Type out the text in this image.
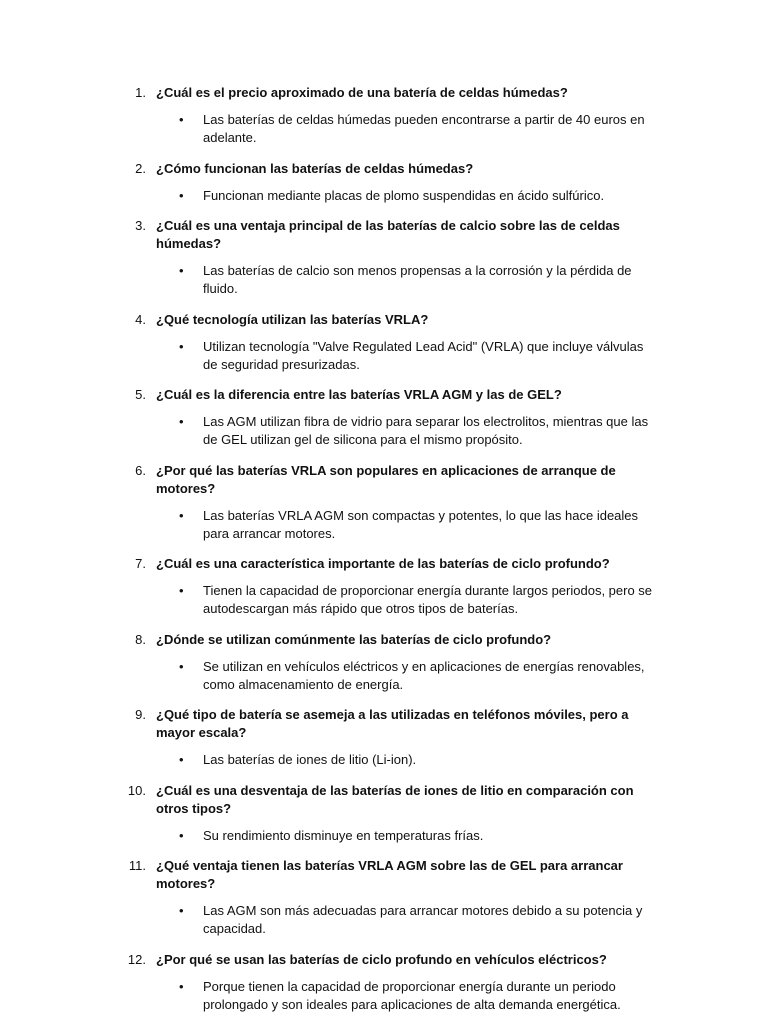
1. ¿Cuál es el precio aproximado de una batería de celdas húmedas?
• Las baterías de celdas húmedas pueden encontrarse a partir de 40 euros en adelante.
2. ¿Cómo funcionan las baterías de celdas húmedas?
• Funcionan mediante placas de plomo suspendidas en ácido sulfúrico.
3. ¿Cuál es una ventaja principal de las baterías de calcio sobre las de celdas húmedas?
• Las baterías de calcio son menos propensas a la corrosión y la pérdida de fluido.
4. ¿Qué tecnología utilizan las baterías VRLA?
• Utilizan tecnología "Valve Regulated Lead Acid" (VRLA) que incluye válvulas de seguridad presurizadas.
5. ¿Cuál es la diferencia entre las baterías VRLA AGM y las de GEL?
• Las AGM utilizan fibra de vidrio para separar los electrolitos, mientras que las de GEL utilizan gel de silicona para el mismo propósito.
6. ¿Por qué las baterías VRLA son populares en aplicaciones de arranque de motores?
• Las baterías VRLA AGM son compactas y potentes, lo que las hace ideales para arrancar motores.
7. ¿Cuál es una característica importante de las baterías de ciclo profundo?
• Tienen la capacidad de proporcionar energía durante largos periodos, pero se autodescargan más rápido que otros tipos de baterías.
8. ¿Dónde se utilizan comúnmente las baterías de ciclo profundo?
• Se utilizan en vehículos eléctricos y en aplicaciones de energías renovables, como almacenamiento de energía.
9. ¿Qué tipo de batería se asemeja a las utilizadas en teléfonos móviles, pero a mayor escala?
• Las baterías de iones de litio (Li-ion).
10. ¿Cuál es una desventaja de las baterías de iones de litio en comparación con otros tipos?
• Su rendimiento disminuye en temperaturas frías.
11. ¿Qué ventaja tienen las baterías VRLA AGM sobre las de GEL para arrancar motores?
• Las AGM son más adecuadas para arrancar motores debido a su potencia y capacidad.
12. ¿Por qué se usan las baterías de ciclo profundo en vehículos eléctricos?
• Porque tienen la capacidad de proporcionar energía durante un periodo prolongado y son ideales para aplicaciones de alta demanda energética.
